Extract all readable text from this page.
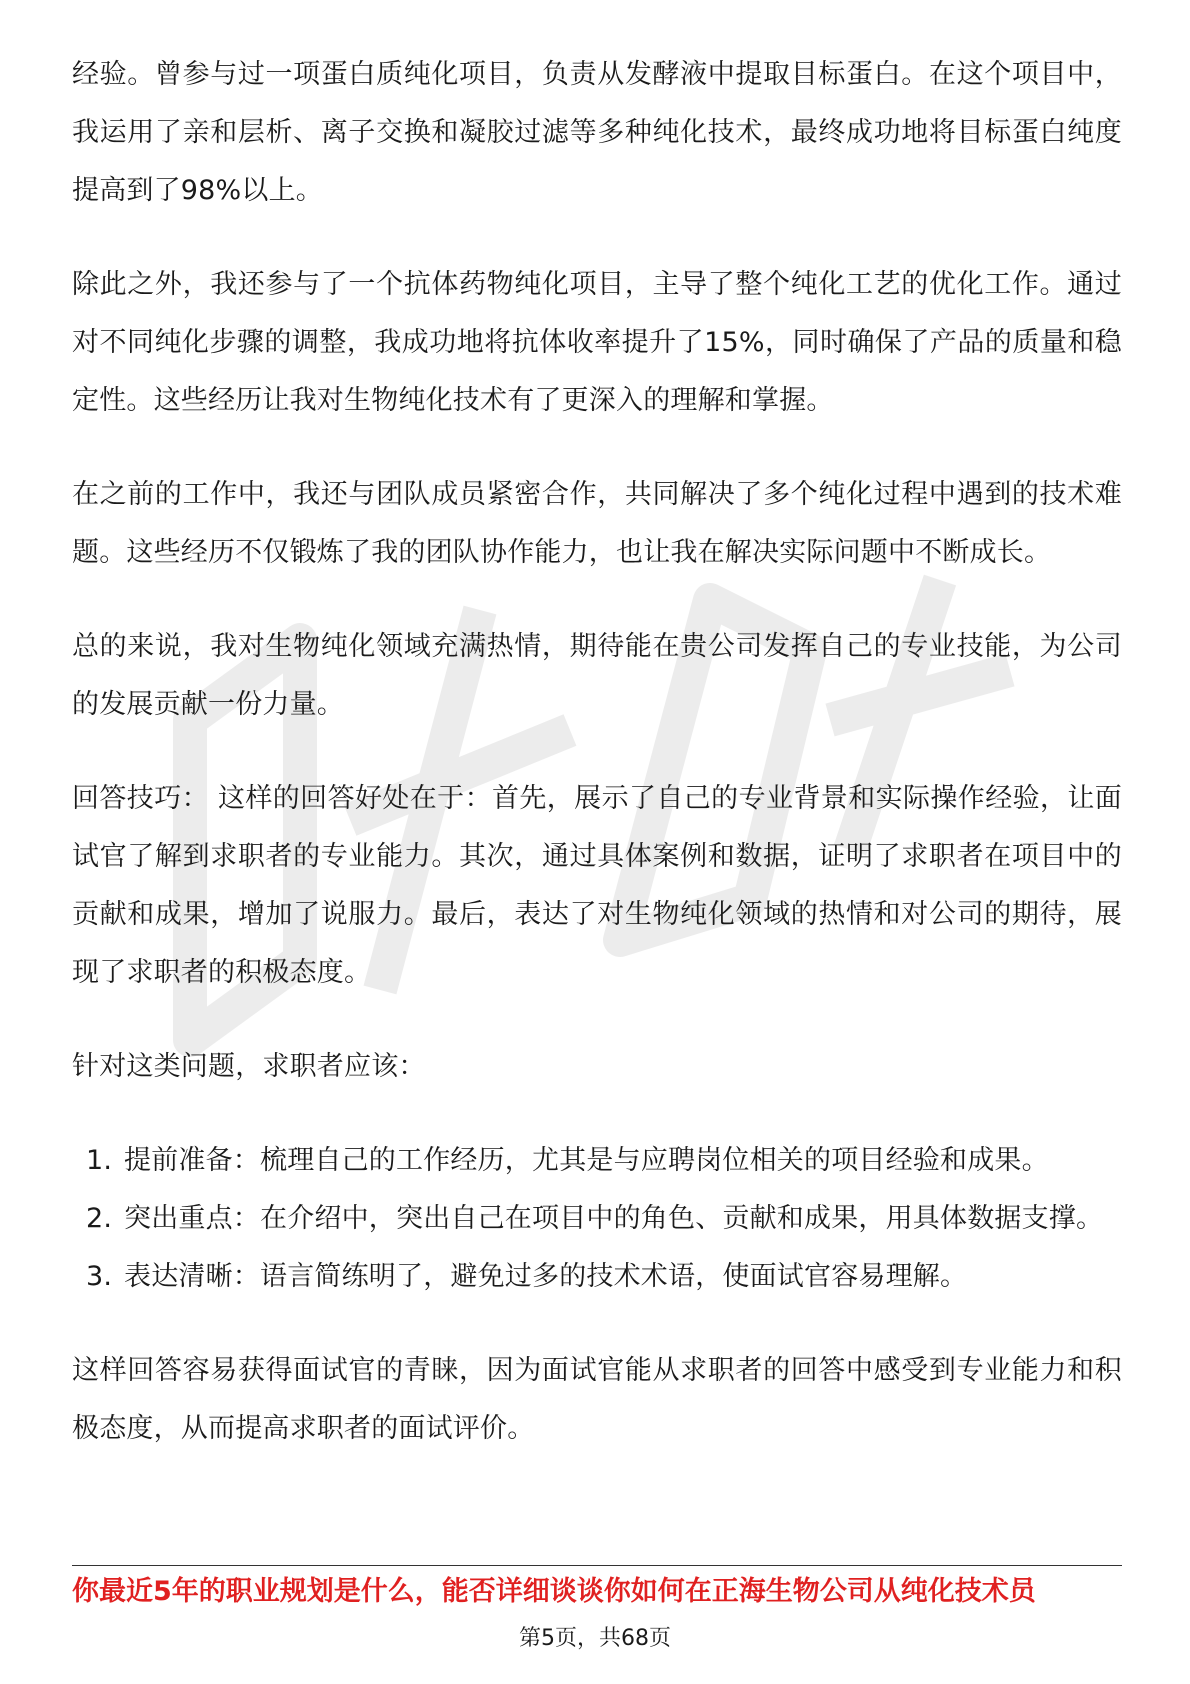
经验。曾参与过一项蛋白质纯化项目，负责从发酵液中提取目标蛋白。在这个项目中，我运用了亲和层析、离子交换和凝胶过滤等多种纯化技术，最终成功地将目标蛋白纯度提高到了98%以上。

除此之外，我还参与了一个抗体药物纯化项目，主导了整个纯化工艺的优化工作。通过对不同纯化步骤的调整，我成功地将抗体收率提升了15%，同时确保了产品的质量和稳定性。这些经历让我对生物纯化技术有了更深入的理解和掌握。

在之前的工作中，我还与团队成员紧密合作，共同解决了多个纯化过程中遇到的技术难题。这些经历不仅锻炼了我的团队协作能力，也让我在解决实际问题中不断成长。

总的来说，我对生物纯化领域充满热情，期待能在贵公司发挥自己的专业技能，为公司的发展贡献一份力量。

回答技巧： 这样的回答好处在于：首先，展示了自己的专业背景和实际操作经验，让面试官了解到求职者的专业能力。其次，通过具体案例和数据，证明了求职者在项目中的贡献和成果，增加了说服力。最后，表达了对生物纯化领域的热情和对公司的期待，展现了求职者的积极态度。

针对这类问题，求职者应该：

1. 提前准备：梳理自己的工作经历，尤其是与应聘岗位相关的项目经验和成果。
2. 突出重点：在介绍中，突出自己在项目中的角色、贡献和成果，用具体数据支撑。
3. 表达清晰：语言简练明了，避免过多的技术术语，使面试官容易理解。

这样回答容易获得面试官的青睐，因为面试官能从求职者的回答中感受到专业能力和积极态度，从而提高求职者的面试评价。

你最近5年的职业规划是什么，能否详细谈谈你如何在正海生物公司从纯化技术员
第5页，共68页
